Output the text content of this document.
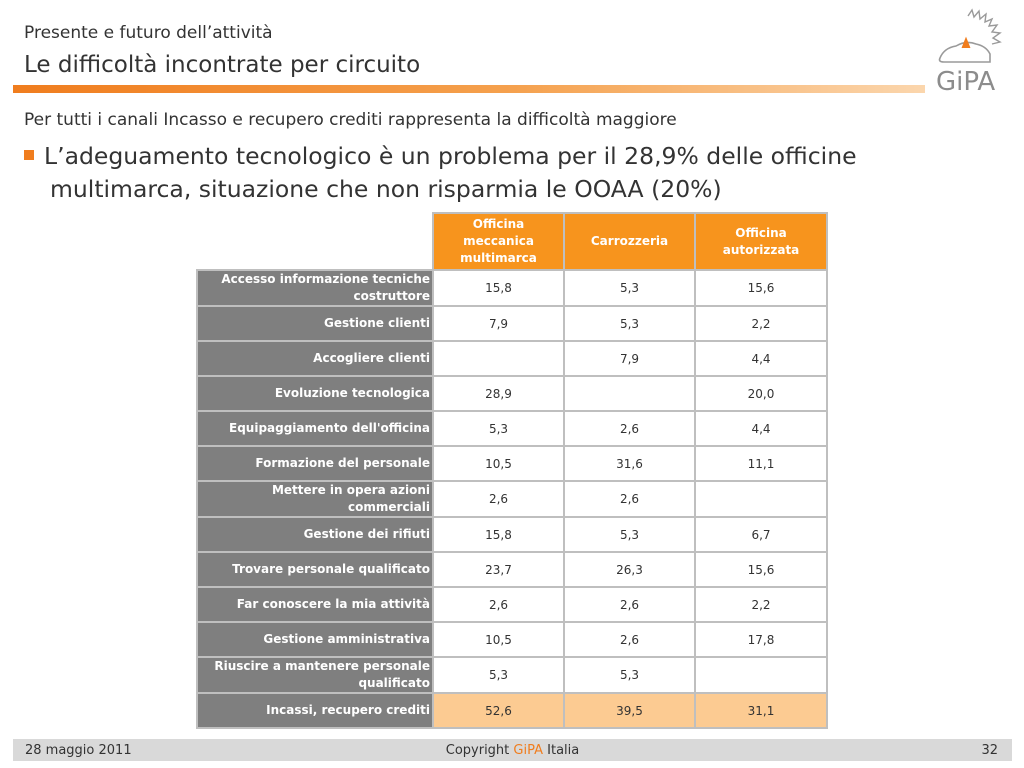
Presente e futuro dell’attività
Le difficoltà incontrate per circuito
GiPA
Per tutti i canali Incasso e recupero crediti rappresenta la difficoltà maggiore
L’adeguamento tecnologico è un problema per il 28,9% delle officine
multimarca, situazione che non risparmia le OOAA (20%)
	Officina meccanica multimarca	Carrozzeria	Officina autorizzata
Accesso informazione tecniche costruttore	15,8	5,3	15,6
Gestione clienti	7,9	5,3	2,2
Accogliere clienti		7,9	4,4
Evoluzione tecnologica	28,9		20,0
Equipaggiamento dell'officina	5,3	2,6	4,4
Formazione del personale	10,5	31,6	11,1
Mettere in opera azioni commerciali	2,6	2,6	
Gestione dei rifiuti	15,8	5,3	6,7
Trovare personale qualificato	23,7	26,3	15,6
Far conoscere la mia attività	2,6	2,6	2,2
Gestione amministrativa	10,5	2,6	17,8
Riuscire a mantenere personale qualificato	5,3	5,3	
Incassi, recupero crediti	52,6	39,5	31,1
28 maggio 2011	Copyright GiPA Italia	32
